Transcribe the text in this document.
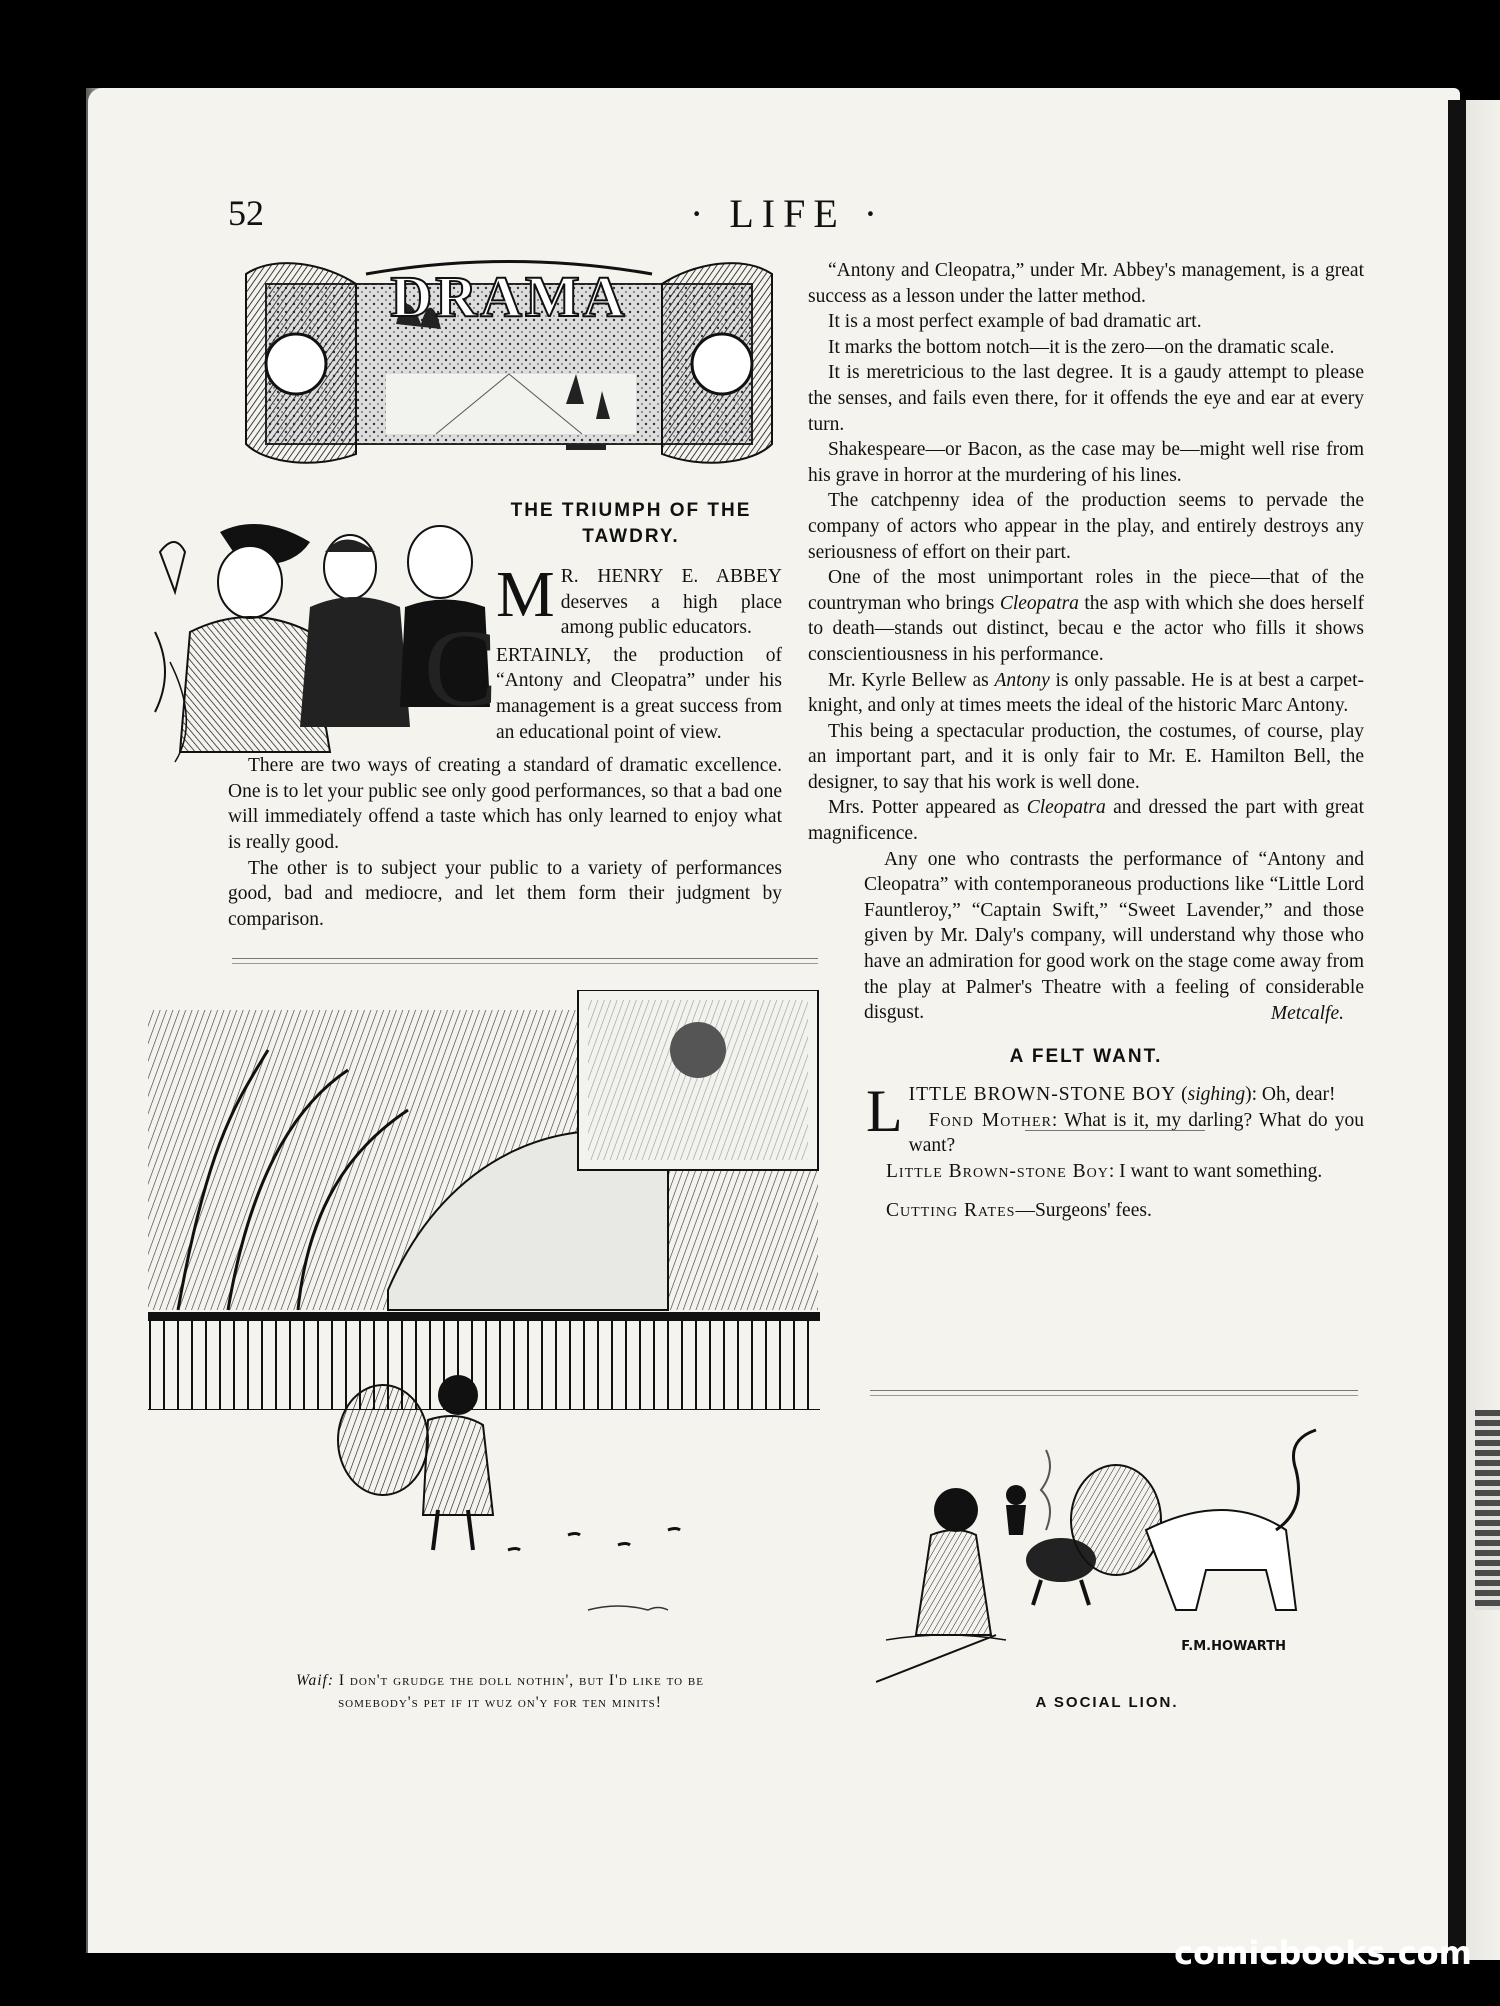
52	· LIFE ·
DRAMA
THE TRIUMPH OF THE TAWDRY.

M R. HENRY E. ABBEY deserves a high place among public educators.

C
ERTAINLY, the production of “Antony and Cleopatra” under his management is a great success from an educational point of view.

There are two ways of creating a standard of dramatic excellence. One is to let your public see only good performances, so that a bad one will immediately offend a taste which has only learned to enjoy what is really good.

The other is to subject your public to a variety of performances good, bad and mediocre, and let them form their judgment by comparison.

“Antony and Cleopatra,” under Mr. Abbey's management, is a great success as a lesson under the latter method.

It is a most perfect example of bad dramatic art.

It marks the bottom notch—it is the zero—on the dramatic scale.

It is meretricious to the last degree. It is a gaudy attempt to please the senses, and fails even there, for it offends the eye and ear at every turn.

Shakespeare—or Bacon, as the case may be—might well rise from his grave in horror at the murdering of his lines.

The catchpenny idea of the production seems to pervade the company of actors who appear in the play, and entirely destroys any seriousness of effort on their part.

One of the most unimportant roles in the piece—that of the countryman who brings Cleopatra the asp with which she does herself to death—stands out distinct, becau e the actor who fills it shows conscientiousness in his performance.

Mr. Kyrle Bellew as Antony is only passable. He is at best a carpet-knight, and only at times meets the ideal of the historic Marc Antony.

This being a spectacular production, the costumes, of course, play an important part, and it is only fair to Mr. E. Hamilton Bell, the designer, to say that his work is well done.

Mrs. Potter appeared as Cleopatra and dressed the part with great magnificence.

Any one who contrasts the performance of “Antony and Cleopatra” with contemporaneous productions like “Little Lord Fauntleroy,” “Captain Swift,” “Sweet Lavender,” and those given by Mr. Daly's company, will understand why those who have an admiration for good work on the stage come away from the play at Palmer's Theatre with a feeling of considerable disgust.	Metcalfe.
A FELT WANT.

LITTLE BROWN-STONE BOY (sighing): Oh, dear!

Fond Mother: What is it, my darling? What do you want?

Little Brown-stone Boy: I want to want something.

Cutting Rates—Surgeons' fees.

Waif: I don't grudge the doll nothin', but I'd like to be
somebody's pet if it wuz on'y for ten minits!
F.M.HOWARTH
A SOCIAL LION.
comicbooks.com
